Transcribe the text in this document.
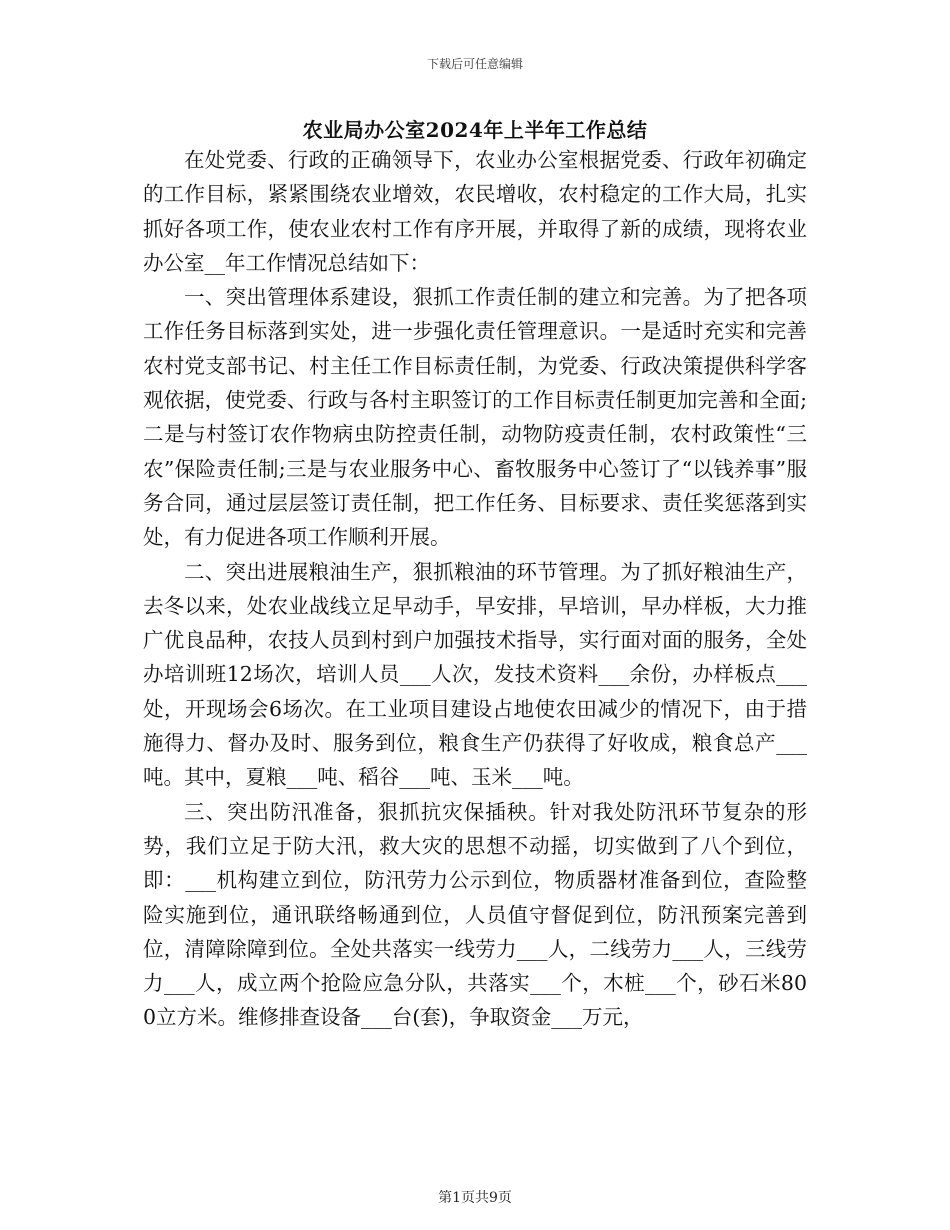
下载后可任意编辑
农业局办公室2024年上半年工作总结

在处党委、行政的正确领导下，农业办公室根据党委、行政年初确定的工作目标，紧紧围绕农业增效，农民增收，农村稳定的工作大局，扎实抓好各项工作，使农业农村工作有序开展，并取得了新的成绩，现将农业办公室__年工作情况总结如下：

一、突出管理体系建设，狠抓工作责任制的建立和完善。为了把各项工作任务目标落到实处，进一步强化责任管理意识。一是适时充实和完善农村党支部书记、村主任工作目标责任制，为党委、行政决策提供科学客观依据，使党委、行政与各村主职签订的工作目标责任制更加完善和全面;二是与村签订农作物病虫防控责任制，动物防疫责任制，农村政策性“三农”保险责任制;三是与农业服务中心、畜牧服务中心签订了“以钱养事”服务合同，通过层层签订责任制，把工作任务、目标要求、责任奖惩落到实处，有力促进各项工作顺利开展。

二、突出进展粮油生产，狠抓粮油的环节管理。为了抓好粮油生产，去冬以来，处农业战线立足早动手，早安排，早培训，早办样板，大力推广优良品种，农技人员到村到户加强技术指导，实行面对面的服务，全处办培训班12场次，培训人员___人次，发技术资料___余份，办样板点___处，开现场会6场次。在工业项目建设占地使农田减少的情况下，由于措施得力、督办及时、服务到位，粮食生产仍获得了好收成，粮食总产___吨。其中，夏粮___吨、稻谷___吨、玉米___吨。

三、突出防汛准备，狠抓抗灾保插秧。针对我处防汛环节复杂的形势，我们立足于防大汛，救大灾的思想不动摇，切实做到了八个到位，即：___机构建立到位，防汛劳力公示到位，物质器材准备到位，查险整险实施到位，通讯联络畅通到位，人员值守督促到位，防汛预案完善到位，清障除障到位。全处共落实一线劳力___人，二线劳力___人，三线劳力___人，成立两个抢险应急分队，共落实___个，木桩___个，砂石米800立方米。维修排查设备___台(套)，争取资金___万元，

第1页共9页
